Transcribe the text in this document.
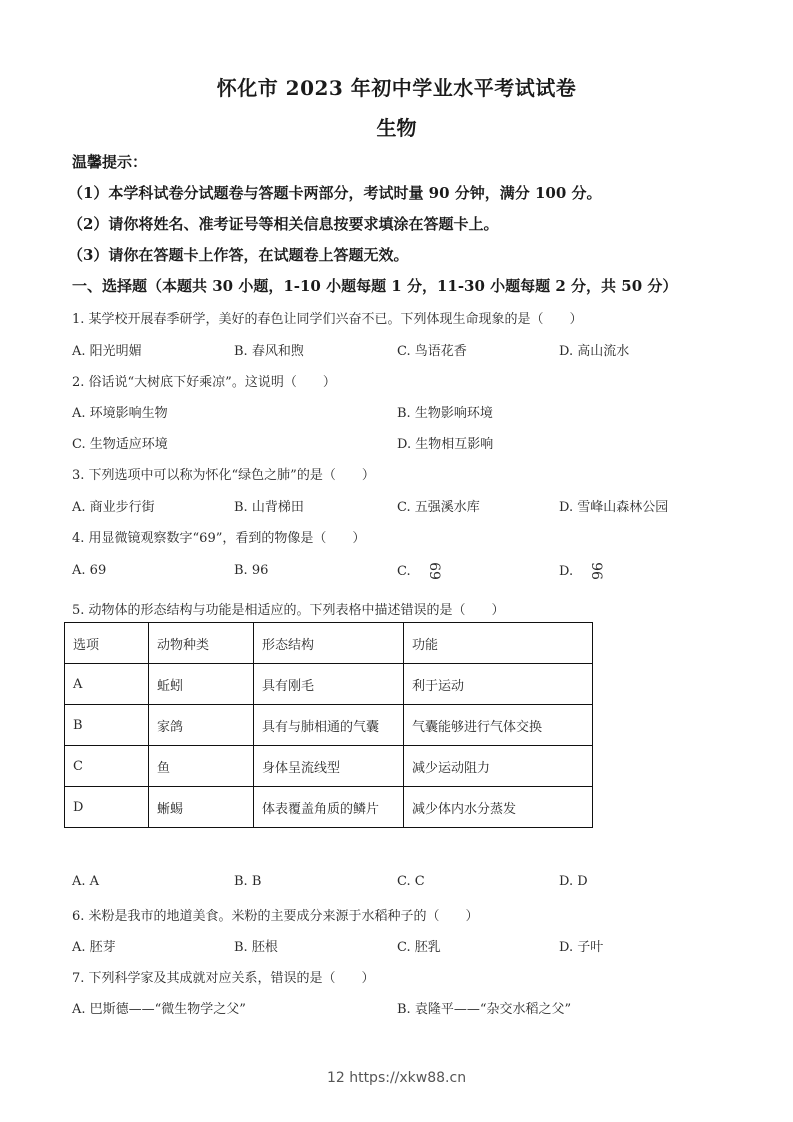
怀化市 2023 年初中学业水平考试试卷
生物
温馨提示：
（1）本学科试卷分试题卷与答题卡两部分，考试时量 90 分钟，满分 100 分。
（2）请你将姓名、准考证号等相关信息按要求填涂在答题卡上。
（3）请你在答题卡上作答，在试题卷上答题无效。
一、选择题（本题共 30 小题，1-10 小题每题 1 分，11-30 小题每题 2 分，共 50 分）
1. 某学校开展春季研学，美好的春色让同学们兴奋不已。下列体现生命现象的是（　　）
A. 阳光明媚	B. 春风和煦	C. 鸟语花香	D. 高山流水
2. 俗话说“大树底下好乘凉”。这说明（　　）
A. 环境影响生物	B. 生物影响环境
C. 生物适应环境	D. 生物相互影响
3. 下列选项中可以称为怀化“绿色之肺”的是（　　）
A. 商业步行街	B. 山背梯田	C. 五强溪水库	D. 雪峰山森林公园
4. 用显微镜观察数字“69”，看到的物像是（　　）
A. 69	B. 96	C. 69	D. 96
5. 动物体的形态结构与功能是相适应的。下列表格中描述错误的是（　　）
选项	动物种类	形态结构	功能
A	蚯蚓	具有刚毛	利于运动
B	家鸽	具有与肺相通的气囊	气囊能够进行气体交换
C	鱼	身体呈流线型	减少运动阻力
D	蜥蜴	体表覆盖角质的鳞片	减少体内水分蒸发
A. A	B. B	C. C	D. D
6. 米粉是我市的地道美食。米粉的主要成分来源于水稻种子的（　　）
A. 胚芽	B. 胚根	C. 胚乳	D. 子叶
7. 下列科学家及其成就对应关系，错误的是（　　）
A. 巴斯德——“微生物学之父”	B. 袁隆平——“杂交水稻之父”
12 https://xkw88.cn
